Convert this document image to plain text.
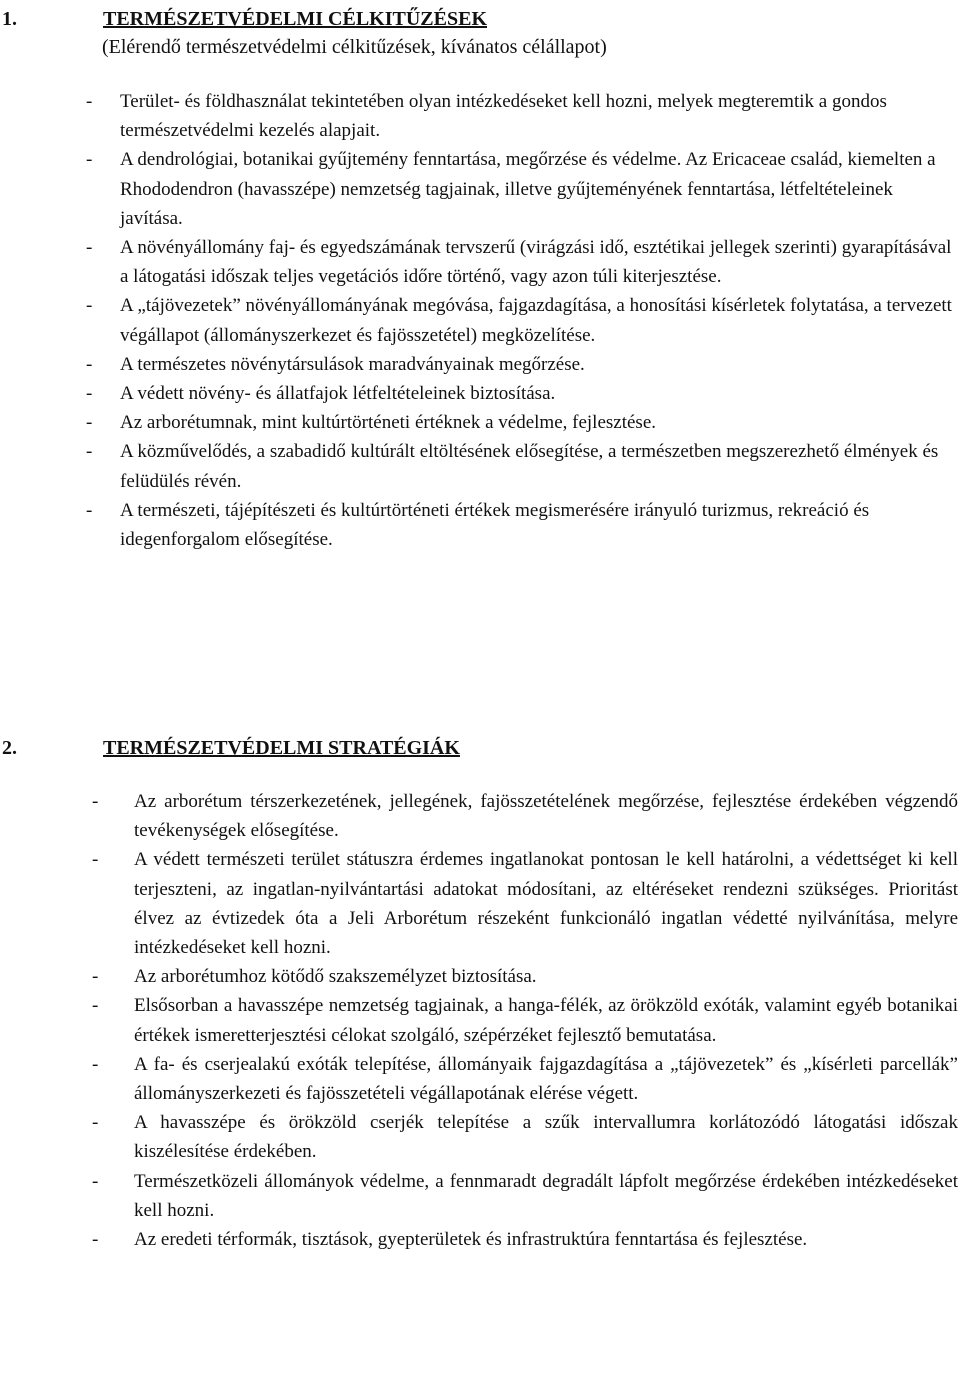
1.	TERMÉSZETVÉDELMI CÉLKITŰZÉSEK
(Elérendő természetvédelmi célkitűzések, kívánatos célállapot)
-	Terület- és földhasználat tekintetében olyan intézkedéseket kell hozni, melyek megteremtik a gondos természetvédelmi kezelés alapjait.
-	A dendrológiai, botanikai gyűjtemény fenntartása, megőrzése és védelme. Az Ericaceae család, kiemelten a Rhododendron (havasszépe) nemzetség tagjainak, illetve gyűjteményének fenntartása, létfeltételeinek javítása.
-	A növényállomány faj- és egyedszámának tervszerű (virágzási idő, esztétikai jellegek szerinti) gyarapításával a látogatási időszak teljes vegetációs időre történő, vagy azon túli kiterjesztése.
-	A „tájövezetek” növényállományának megóvása, fajgazdagítása, a honosítási kísérletek folytatása, a tervezett végállapot (állományszerkezet és fajösszetétel) megközelítése.
-	A természetes növénytársulások maradványainak megőrzése.
-	A védett növény- és állatfajok létfeltételeinek biztosítása.
-	Az arborétumnak, mint kultúrtörténeti értéknek a védelme, fejlesztése.
-	A közművelődés, a szabadidő kultúrált eltöltésének elősegítése, a természetben megszerezhető élmények és felüdülés révén.
-	A természeti, tájépítészeti és kultúrtörténeti értékek megismerésére irányuló turizmus, rekreáció és idegenforgalom elősegítése.
2.	TERMÉSZETVÉDELMI STRATÉGIÁK
-	Az arborétum térszerkezetének, jellegének, fajösszetételének megőrzése, fejlesztése érdekében végzendő tevékenységek elősegítése.
-	A védett természeti terület státuszra érdemes ingatlanokat pontosan le kell határolni, a védettséget ki kell terjeszteni, az ingatlan-nyilvántartási adatokat módosítani, az eltéréseket rendezni szükséges. Prioritást élvez az évtizedek óta a Jeli Arborétum részeként funkcionáló ingatlan védetté nyilvánítása, melyre intézkedéseket kell hozni.
-	Az arborétumhoz kötődő szakszemélyzet biztosítása.
-	Elsősorban a havasszépe nemzetség tagjainak, a hanga-félék, az örökzöld exóták, valamint egyéb botanikai értékek ismeretterjesztési célokat szolgáló, szépérzéket fejlesztő bemutatása.
-	A fa- és cserjealakú exóták telepítése, állományaik fajgazdagítása a „tájövezetek” és „kísérleti parcellák” állományszerkezeti és fajösszetételi végállapotának elérése végett.
-	A havasszépe és örökzöld cserjék telepítése a szűk intervallumra korlátozódó látogatási időszak kiszélesítése érdekében.
-	Természetközeli állományok védelme, a fennmaradt degradált lápfolt megőrzése érdekében intézkedéseket kell hozni.
-	Az eredeti térformák, tisztások, gyepterületek és infrastruktúra fenntartása és fejlesztése.
